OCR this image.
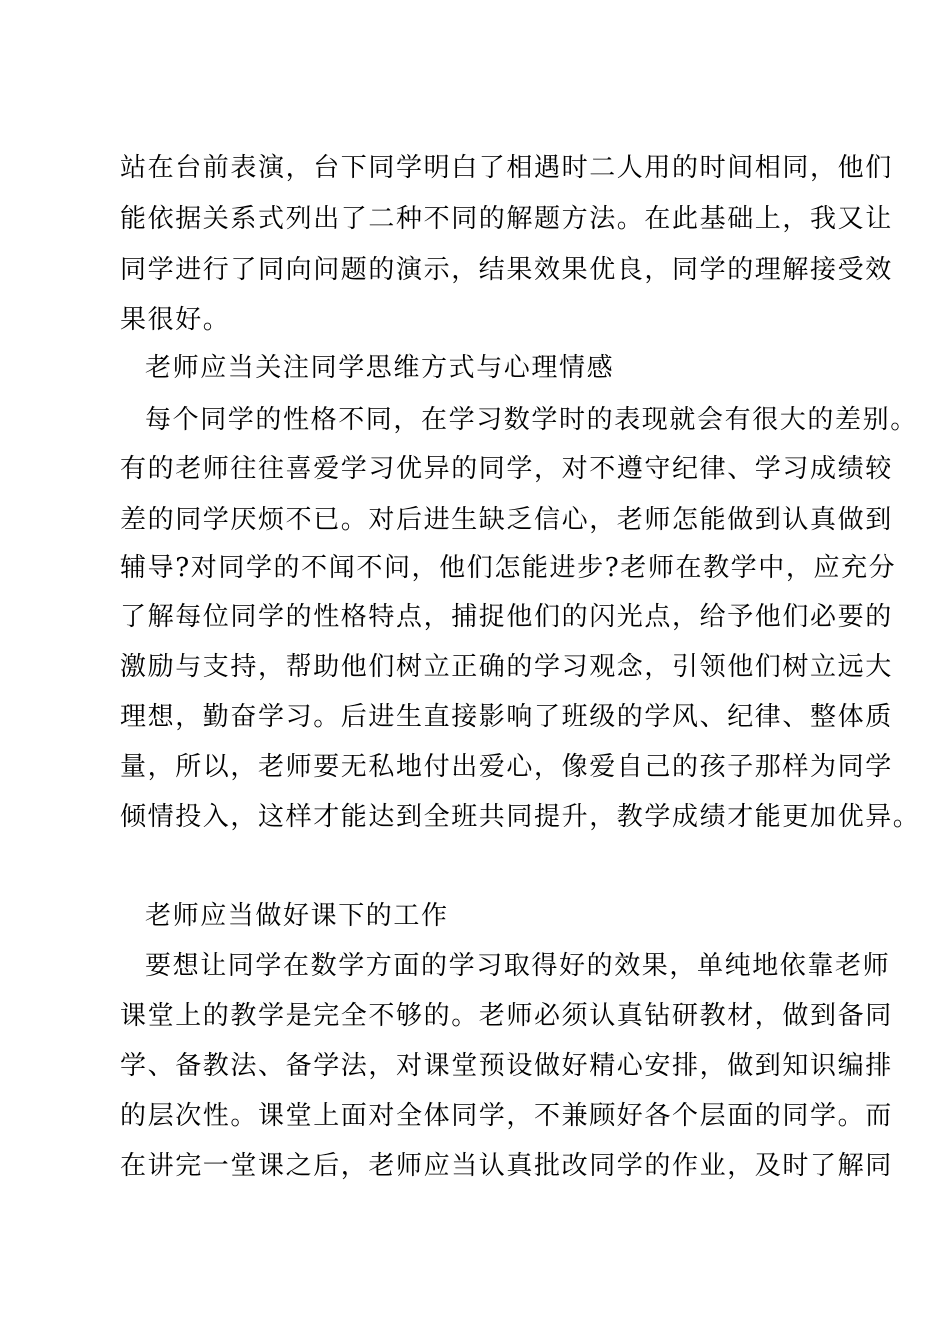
站在台前表演，台下同学明白了相遇时二人用的时间相同，他们
能依据关系式列出了二种不同的解题方法。在此基础上，我又让
同学进行了同向问题的演示，结果效果优良，同学的理解接受效
果很好。
老师应当关注同学思维方式与心理情感
每个同学的性格不同，在学习数学时的表现就会有很大的差别。
有的老师往往喜爱学习优异的同学，对不遵守纪律、学习成绩较
差的同学厌烦不已。对后进生缺乏信心，老师怎能做到认真做到
辅导?对同学的不闻不问，他们怎能进步?老师在教学中，应充分
了解每位同学的性格特点，捕捉他们的闪光点，给予他们必要的
激励与支持，帮助他们树立正确的学习观念，引领他们树立远大
理想，勤奋学习。后进生直接影响了班级的学风、纪律、整体质
量，所以，老师要无私地付出爱心，像爱自己的孩子那样为同学
倾情投入，这样才能达到全班共同提升，教学成绩才能更加优异。
老师应当做好课下的工作
要想让同学在数学方面的学习取得好的效果，单纯地依靠老师
课堂上的教学是完全不够的。老师必须认真钻研教材，做到备同
学、备教法、备学法，对课堂预设做好精心安排，做到知识编排
的层次性。课堂上面对全体同学，不兼顾好各个层面的同学。而
在讲完一堂课之后，老师应当认真批改同学的作业，及时了解同
